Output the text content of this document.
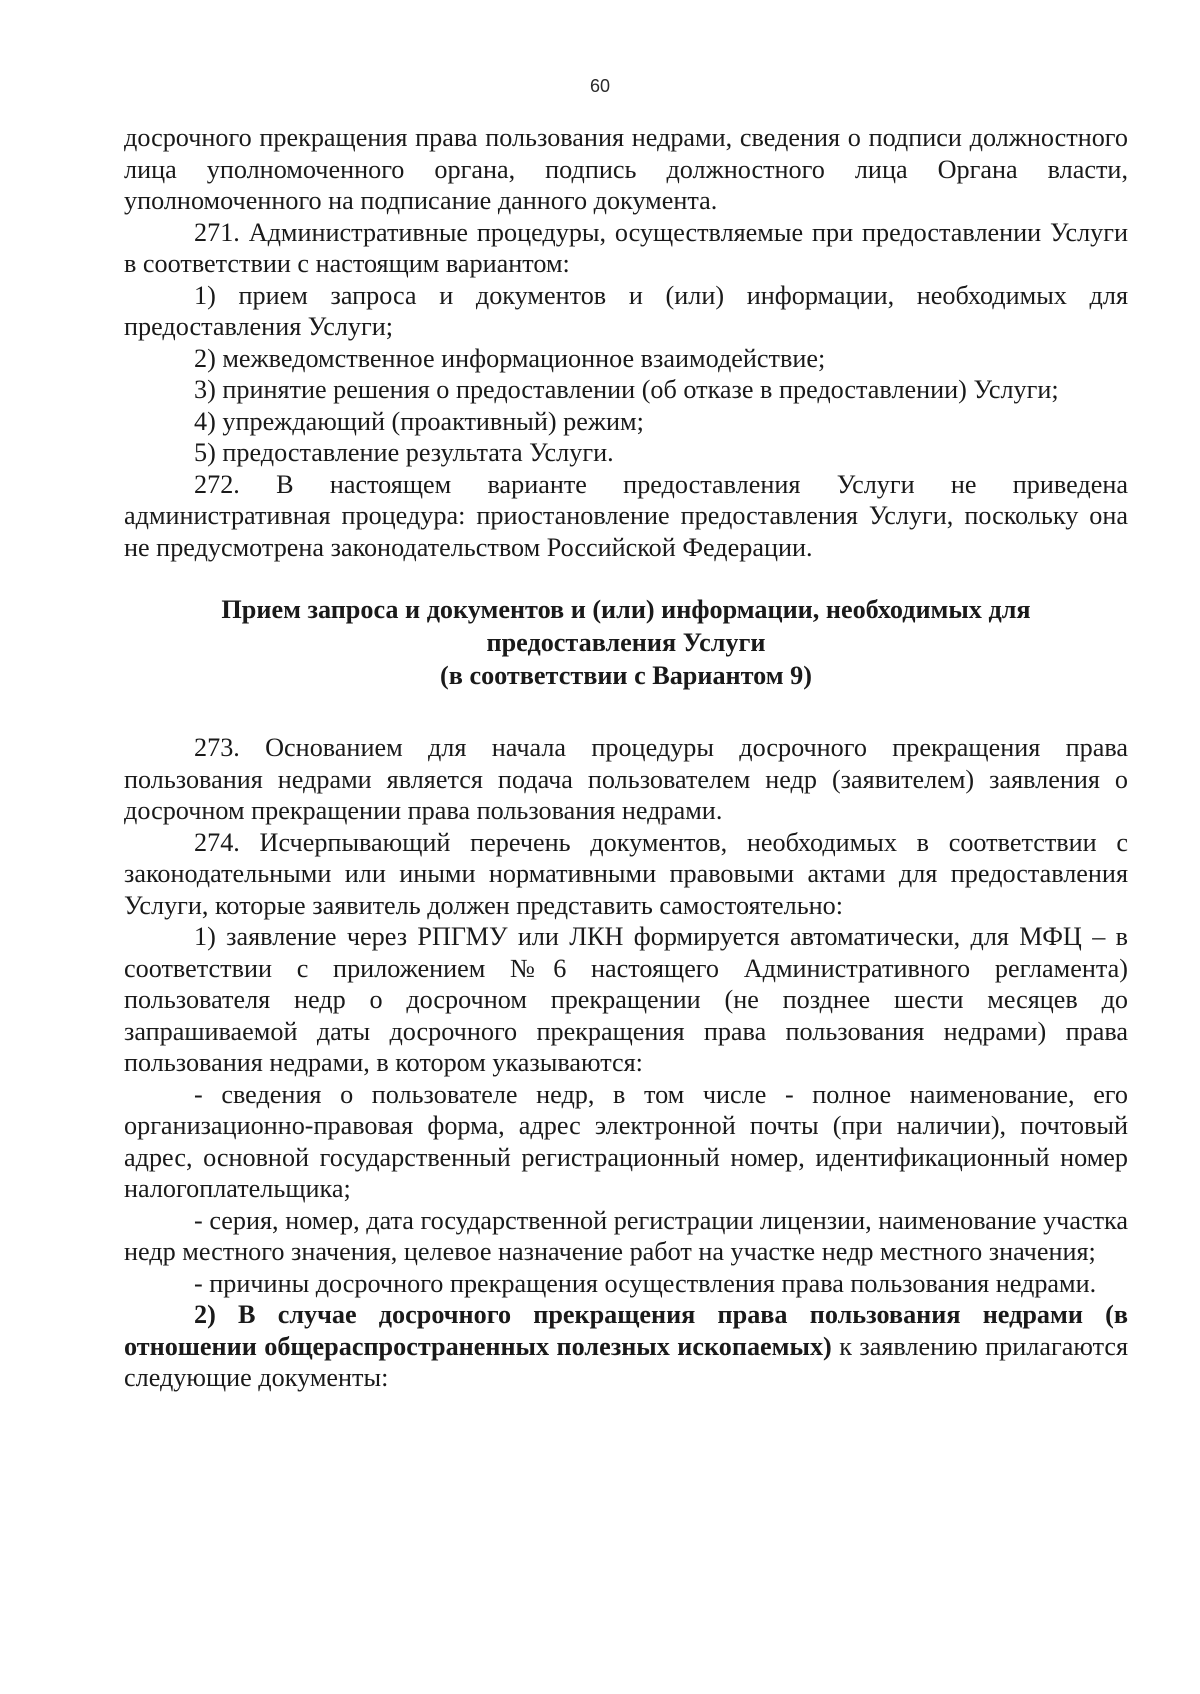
60

досрочного прекращения права пользования недрами, сведения о подписи должностного лица уполномоченного органа, подпись должностного лица Органа власти, уполномоченного на подписание данного документа.

271. Административные процедуры, осуществляемые при предоставлении Услуги в соответствии с настоящим вариантом:

1) прием запроса и документов и (или) информации, необходимых для предоставления Услуги;

2) межведомственное информационное взаимодействие;

3) принятие решения о предоставлении (об отказе в предоставлении) Услуги;

4) упреждающий (проактивный) режим;

5) предоставление результата Услуги.

272. В настоящем варианте предоставления Услуги не приведена административная процедура: приостановление предоставления Услуги, поскольку она не предусмотрена законодательством Российской Федерации.

Прием запроса и документов и (или) информации, необходимых для
предоставления Услуги
(в соответствии с Вариантом 9)

273. Основанием для начала процедуры досрочного прекращения права пользования недрами является подача пользователем недр (заявителем) заявления о досрочном прекращении права пользования недрами.

274. Исчерпывающий перечень документов, необходимых в соответствии с законодательными или иными нормативными правовыми актами для предоставления Услуги, которые заявитель должен представить самостоятельно:

1) заявление через РПГМУ или ЛКН формируется автоматически, для МФЦ – в соответствии с приложением №6 настоящего Административного регламента) пользователя недр о досрочном прекращении (не позднее шести месяцев до запрашиваемой даты досрочного прекращения права пользования недрами) права пользования недрами, в котором указываются:

- сведения о пользователе недр, в том числе - полное наименование, его организационно-правовая форма, адрес электронной почты (при наличии), почтовый адрес, основной государственный регистрационный номер, идентификационный номер налогоплательщика;

- серия, номер, дата государственной регистрации лицензии, наименование участка недр местного значения, целевое назначение работ на участке недр местного значения;

- причины досрочного прекращения осуществления права пользования недрами.

2) В случае досрочного прекращения права пользования недрами (в отношении общераспространенных полезных ископаемых) к заявлению прилагаются следующие документы:
